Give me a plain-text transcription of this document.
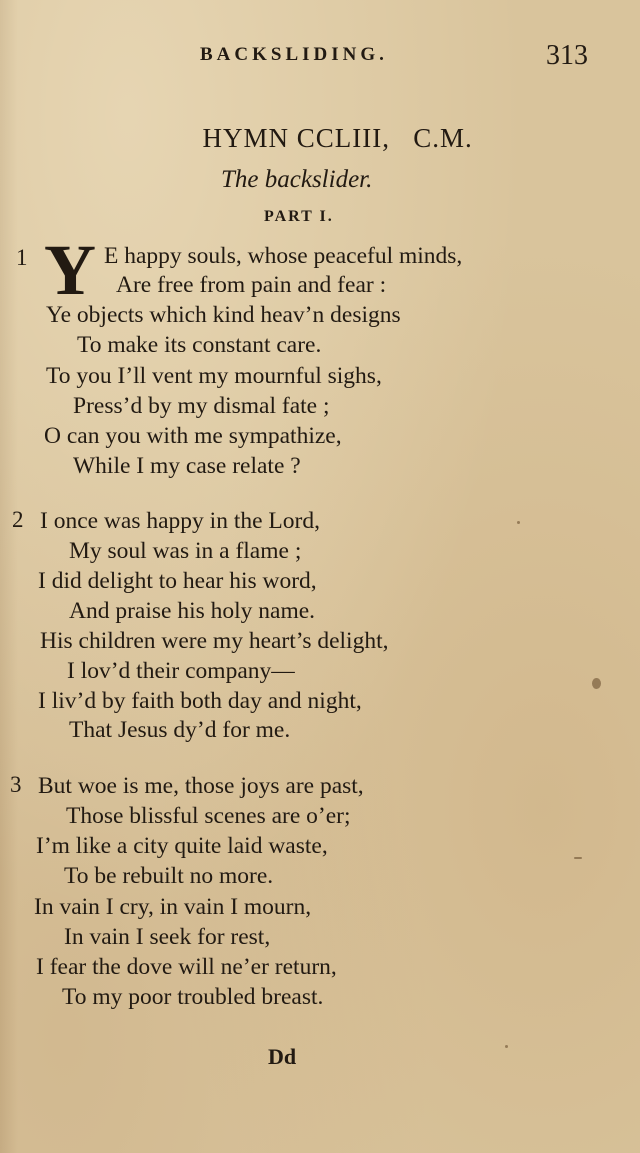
BACKSLIDING.	313
HYMN CCLIII,   C.M.
The backslider.
PART I.
1 Y E happy souls, whose peaceful minds,
Are free from pain and fear :
Ye objects which kind heav’n designs
To make its constant care.
To you I’ll vent my mournful sighs,
Press’d by my dismal fate ;
O can you with me sympathize,
While I my case relate ?
2 I once was happy in the Lord,
My soul was in a flame ;
I did delight to hear his word,
And praise his holy name.
His children were my heart’s delight,
I lov’d their company—
I liv’d by faith both day and night,
That Jesus dy’d for me.
3 But woe is me, those joys are past,
Those blissful scenes are o’er;
I’m like a city quite laid waste,
To be rebuilt no more.
In vain I cry, in vain I mourn,
In vain I seek for rest,
I fear the dove will ne’er return,
To my poor troubled breast.
Dd
